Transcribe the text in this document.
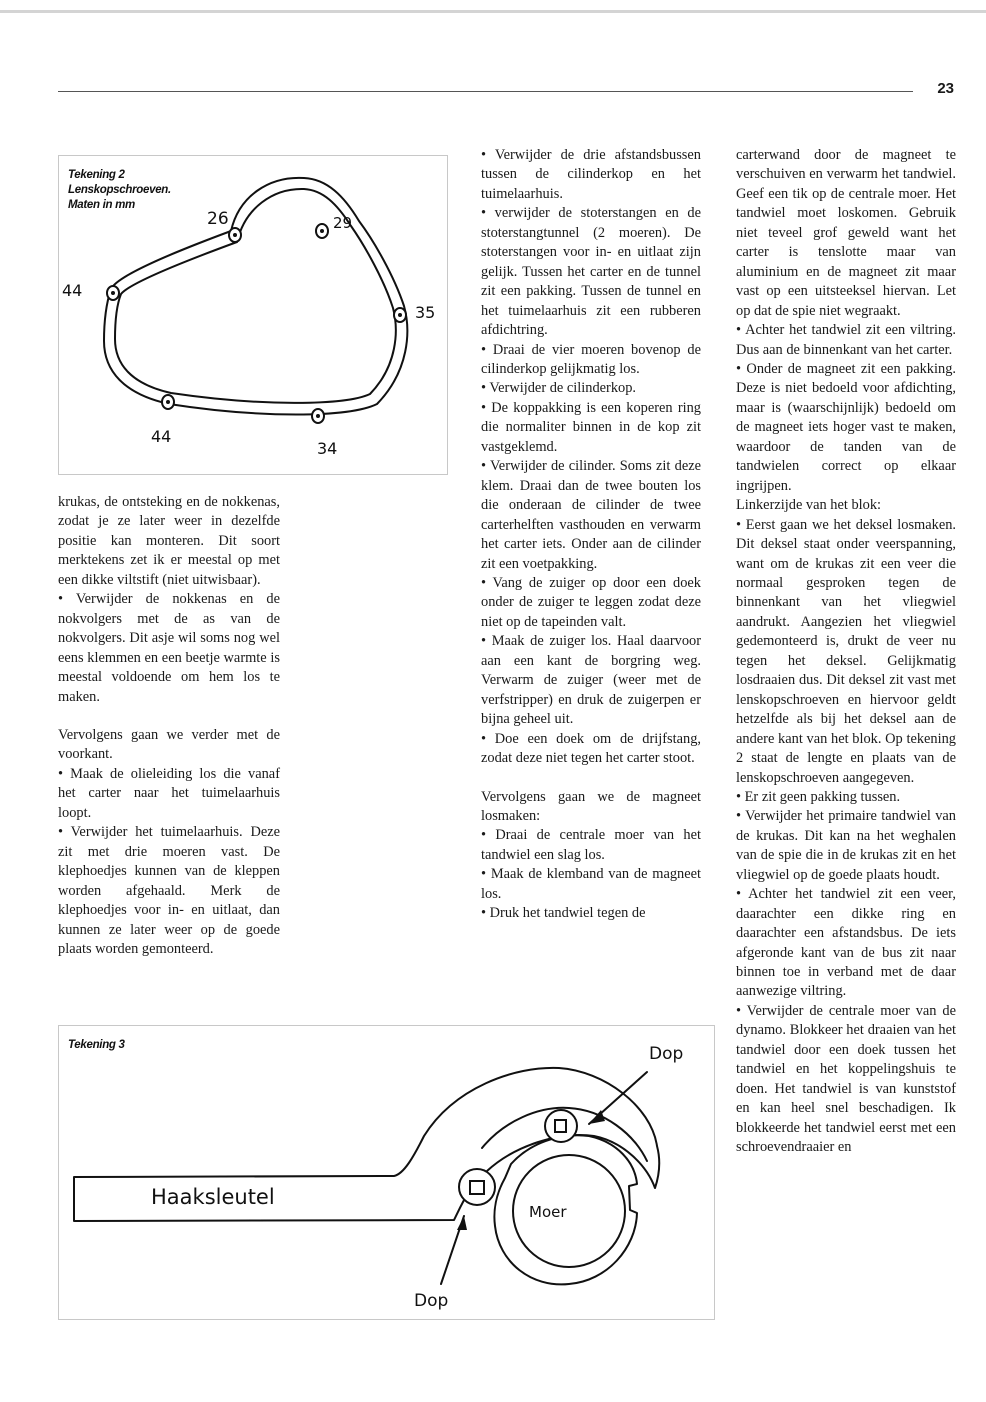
23
26	29
35
34
44
44
Tekening 2
Lenskopschroeven.
Maten in mm

krukas, de ontsteking en de nokkenas, zodat je ze later weer in dezelfde positie kan monteren. Dit soort merktekens zet ik er meestal op met een dikke viltstift (niet uitwisbaar).

• Verwijder de nokkenas en de nokvolgers met de as van de nokvolgers. Dit asje wil soms nog wel eens klemmen en een beetje warmte is meestal voldoende om hem los te maken.

Vervolgens gaan we verder met de voorkant.

• Maak de olieleiding los die vanaf het carter naar het tuimelaarhuis loopt.

• Verwijder het tuimelaarhuis. Deze zit met drie moeren vast. De klephoedjes kunnen van de kleppen worden afgehaald. Merk de klephoedjes voor in- en uitlaat, dan kunnen ze later weer op de goede plaats worden gemonteerd.

• Verwijder de drie afstandsbussen tussen de cilinderkop en het tuimelaarhuis.

• verwijder de stoterstangen en de stoterstangtunnel (2 moeren). De stoterstangen voor in- en uitlaat zijn gelijk. Tussen het carter en de tunnel zit een pakking. Tussen de tunnel en het tuimelaarhuis zit een rubberen afdichtring.

• Draai de vier moeren bovenop de cilinderkop gelijkmatig los.

• Verwijder de cilinderkop.

• De koppakking is een koperen ring die normaliter binnen in de kop zit vastgeklemd.

• Verwijder de cilinder. Soms zit deze klem. Draai dan de twee bouten los die onderaan de cilinder de twee carterhelften vasthouden en verwarm het carter iets. Onder aan de cilinder zit een voetpakking.

• Vang de zuiger op door een doek onder de zuiger te leggen zodat deze niet op de tapeinden valt.

• Maak de zuiger los. Haal daarvoor aan een kant de borgring weg. Verwarm de zuiger (weer met de verfstripper) en druk de zuigerpen er bijna geheel uit.

• Doe een doek om de drijfstang, zodat deze niet tegen het carter stoot.

Vervolgens gaan we de magneet losmaken:

• Draai de centrale moer van het tandwiel een slag los.

• Maak de klemband van de magneet los.

• Druk het tandwiel tegen de

carterwand door de magneet te verschuiven en verwarm het tandwiel. Geef een tik op de centrale moer. Het tandwiel moet loskomen. Gebruik niet teveel grof geweld want het carter is tenslotte maar van aluminium en de magneet zit maar vast op een uitsteeksel hiervan. Let op dat de spie niet wegraakt.

• Achter het tandwiel zit een viltring. Dus aan de binnenkant van het carter.

• Onder de magneet zit een pakking. Deze is niet bedoeld voor afdichting, maar is (waarschijnlijk) bedoeld om de magneet iets hoger vast te maken, waardoor de tanden van de tandwielen correct op elkaar ingrijpen.

Linkerzijde van het blok:

• Eerst gaan we het deksel losmaken. Dit deksel staat onder veerspanning, want om de krukas zit een veer die normaal gesproken tegen de binnenkant van het vliegwiel aandrukt. Aangezien het vliegwiel gedemonteerd is, drukt de veer nu tegen het deksel. Gelijkmatig losdraaien dus. Dit deksel zit vast met lenskopschroeven en hiervoor geldt hetzelfde als bij het deksel aan de andere kant van het blok. Op tekening 2 staat de lengte en plaats van de lenskopschroeven aangegeven.

• Er zit geen pakking tussen.

• Verwijder het primaire tandwiel van de krukas. Dit kan na het weghalen van de spie die in de krukas zit en het vliegwiel op de goede plaats houdt.

• Achter het tandwiel zit een veer, daarachter een dikke ring en daarachter een afstandsbus. De iets afgeronde kant van de bus zit naar binnen toe in verband met de daar aanwezige viltring.

• Verwijder de centrale moer van de dynamo. Blokkeer het draaien van het tandwiel door een doek tussen het tandwiel en het koppelingshuis te doen. Het tandwiel is van kunststof en kan heel snel beschadigen. Ik blokkeerde het tandwiel eerst met een schroevendraaier en

Haaksleutel
Moer
Dop
Dop
Tekening 3
